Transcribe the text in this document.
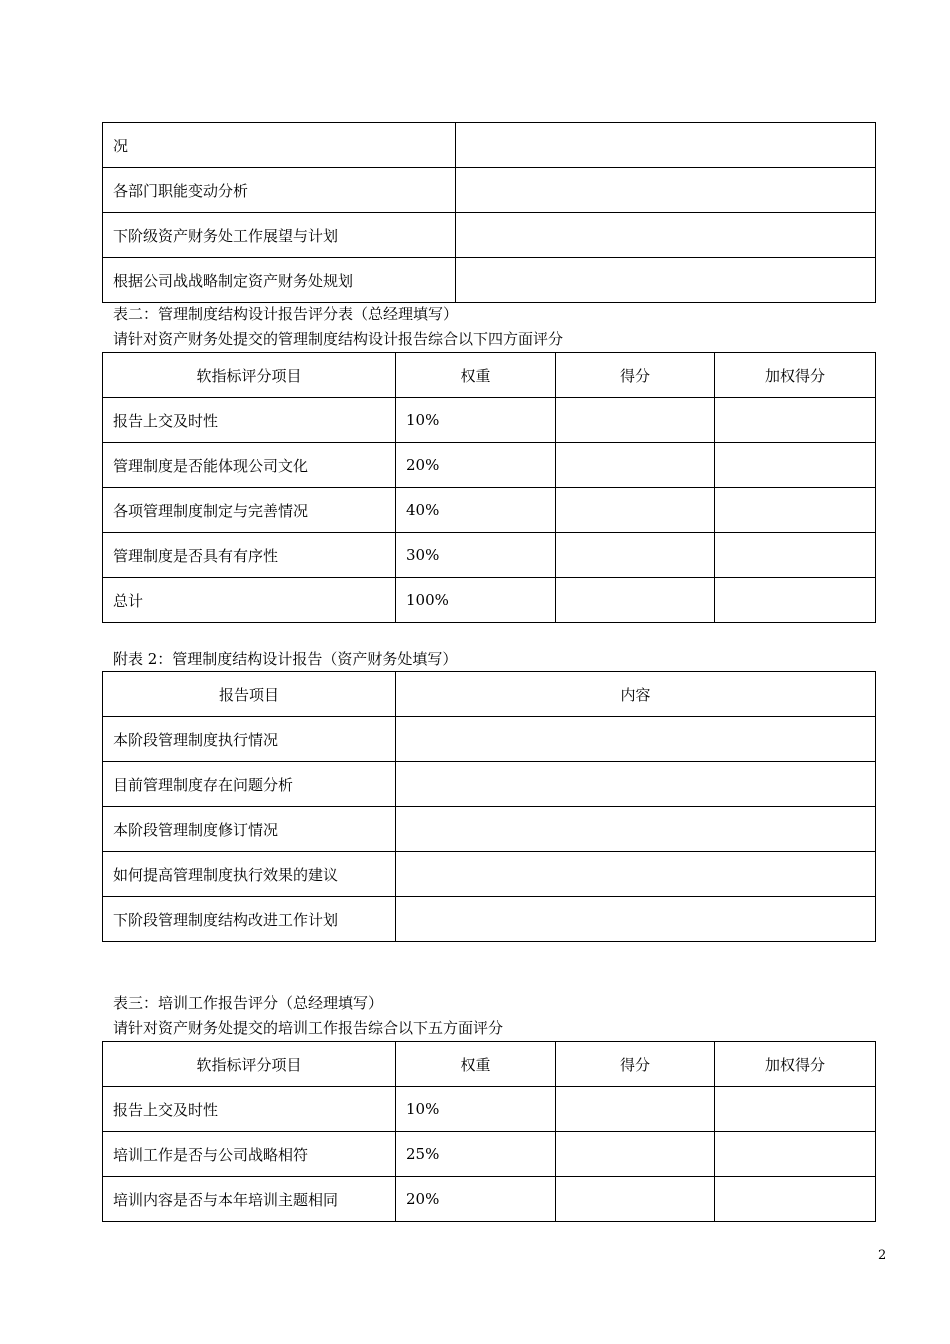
况	
各部门职能变动分析	
下阶级资产财务处工作展望与计划	
根据公司战战略制定资产财务处规划	
表二：管理制度结构设计报告评分表（总经理填写）
请针对资产财务处提交的管理制度结构设计报告综合以下四方面评分
软指标评分项目	权重	得分	加权得分
报告上交及时性	10%		
管理制度是否能体现公司文化	20%		
各项管理制度制定与完善情况	40%		
管理制度是否具有有序性	30%		
总计	100%		
附表 2：管理制度结构设计报告（资产财务处填写）
报告项目	内容
本阶段管理制度执行情况	
目前管理制度存在问题分析	
本阶段管理制度修订情况	
如何提高管理制度执行效果的建议	
下阶段管理制度结构改进工作计划	
表三：培训工作报告评分（总经理填写）
请针对资产财务处提交的培训工作报告综合以下五方面评分
软指标评分项目	权重	得分	加权得分
报告上交及时性	10%		
培训工作是否与公司战略相符	25%		
培训内容是否与本年培训主题相同	20%		
2
